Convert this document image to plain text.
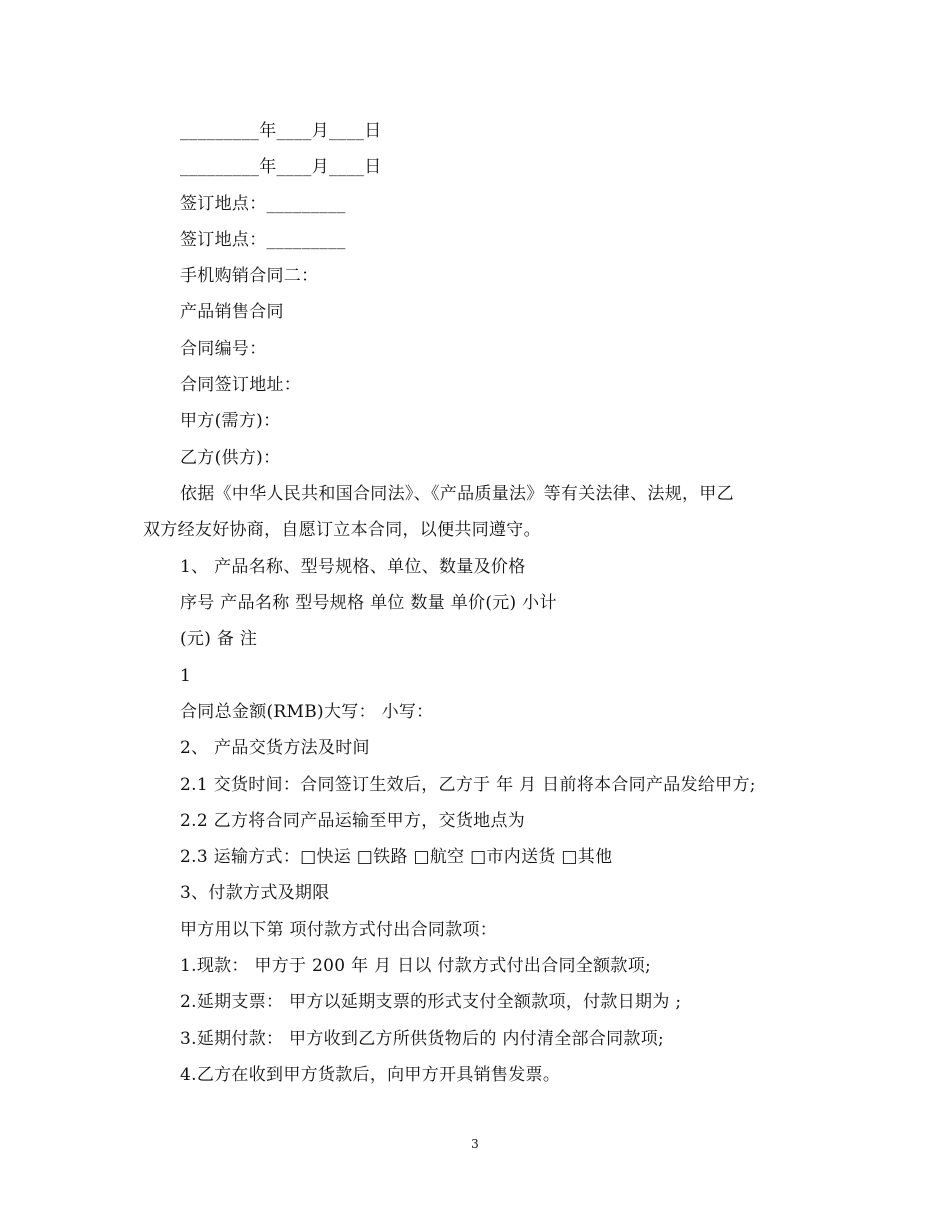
_________年____月____日
_________年____月____日
签订地点：_________
签订地点：_________
手机购销合同二：
产品销售合同
合同编号：
合同签订地址：
甲方(需方)：
乙方(供方)：
依据《中华人民共和国合同法》、《产品质量法》等有关法律、法规，甲乙
双方经友好协商，自愿订立本合同，以便共同遵守。
1、 产品名称、型号规格、单位、数量及价格
序号 产品名称 型号规格 单位 数量 单价(元) 小计
(元) 备 注
1
合同总金额(RMB)大写： 小写：
2、 产品交货方法及时间
2.1 交货时间：合同签订生效后，乙方于 年 月 日前将本合同产品发给甲方;
2.2 乙方将合同产品运输至甲方，交货地点为
2.3 运输方式：□快运 □铁路 □航空 □市内送货 □其他
3、付款方式及期限
甲方用以下第 项付款方式付出合同款项：
1.现款： 甲方于 200 年 月 日以 付款方式付出合同全额款项;
2.延期支票： 甲方以延期支票的形式支付全额款项，付款日期为 ;
3.延期付款： 甲方收到乙方所供货物后的 内付清全部合同款项;
4.乙方在收到甲方货款后，向甲方开具销售发票。
3
